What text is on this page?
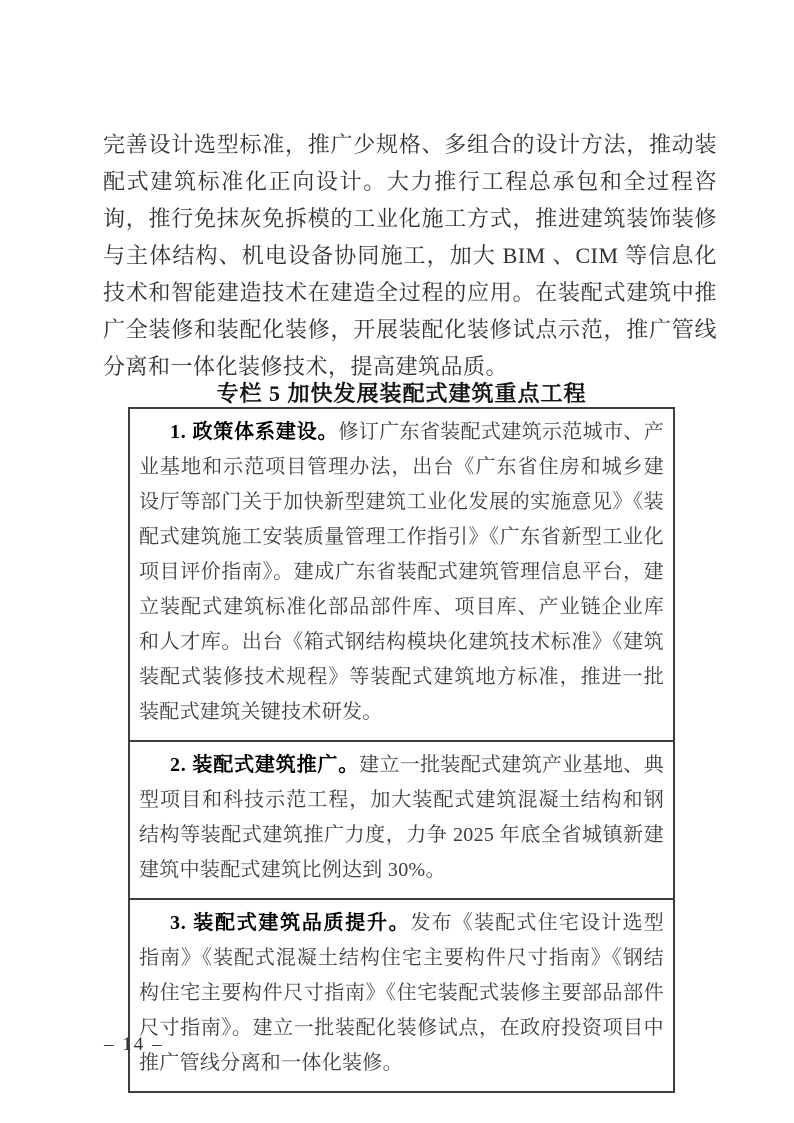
完善设计选型标准，推广少规格、多组合的设计方法，推动装配式建筑标准化正向设计。大力推行工程总承包和全过程咨询，推行免抹灰免拆模的工业化施工方式，推进建筑装饰装修与主体结构、机电设备协同施工，加大 BIM 、CIM 等信息化技术和智能建造技术在建造全过程的应用。在装配式建筑中推广全装修和装配化装修，开展装配化装修试点示范，推广管线分离和一体化装修技术，提高建筑品质。

专栏 5 加快发展装配式建筑重点工程

1. 政策体系建设。修订广东省装配式建筑示范城市、产业基地和示范项目管理办法，出台《广东省住房和城乡建设厅等部门关于加快新型建筑工业化发展的实施意见》《装配式建筑施工安装质量管理工作指引》《广东省新型工业化项目评价指南》。建成广东省装配式建筑管理信息平台，建立装配式建筑标准化部品部件库、项目库、产业链企业库和人才库。出台《箱式钢结构模块化建筑技术标准》《建筑装配式装修技术规程》等装配式建筑地方标准，推进一批装配式建筑关键技术研发。

2. 装配式建筑推广。建立一批装配式建筑产业基地、典型项目和科技示范工程，加大装配式建筑混凝土结构和钢结构等装配式建筑推广力度，力争 2025 年底全省城镇新建建筑中装配式建筑比例达到 30%。

3. 装配式建筑品质提升。发布《装配式住宅设计选型指南》《装配式混凝土结构住宅主要构件尺寸指南》《钢结构住宅主要构件尺寸指南》《住宅装配式装修主要部品部件尺寸指南》。建立一批装配化装修试点，在政府投资项目中推广管线分离和一体化装修。

– 14 –
